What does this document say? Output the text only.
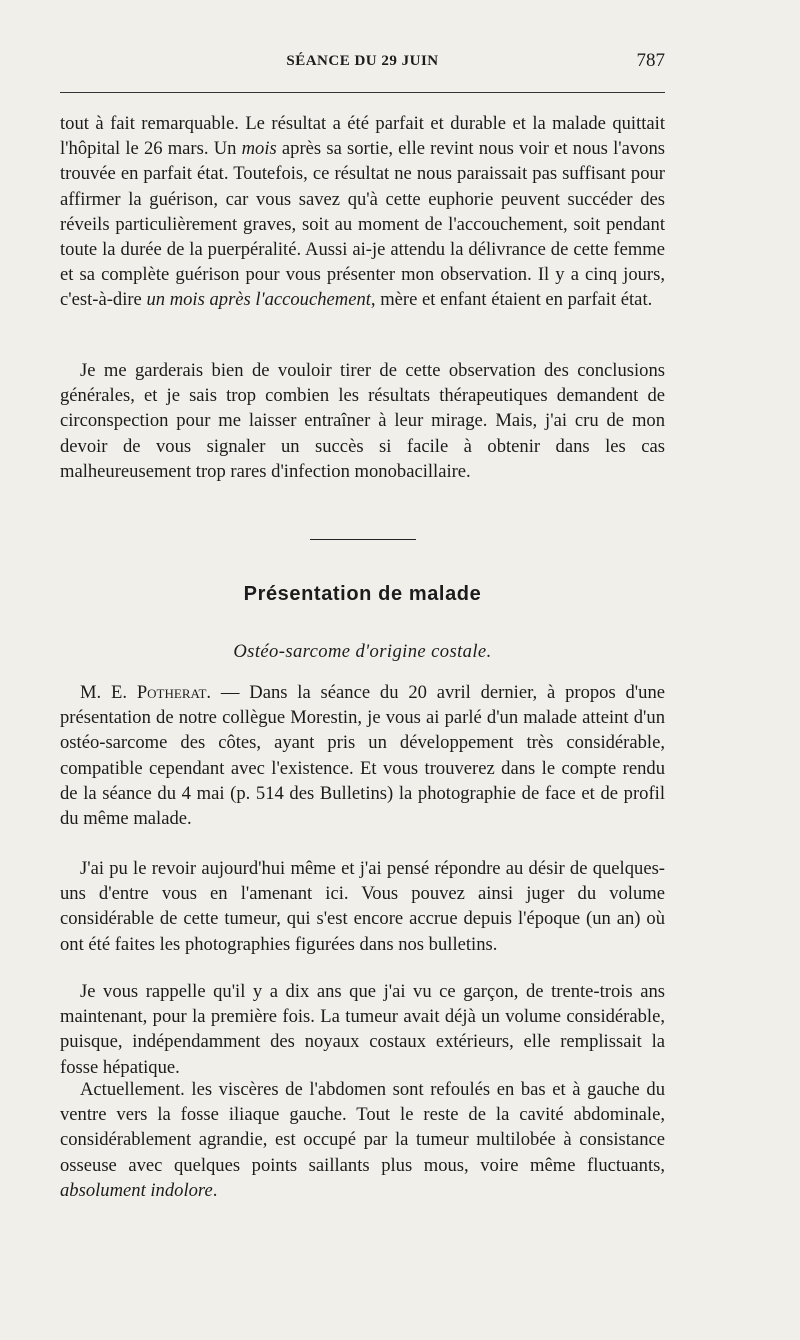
SÉANCE DU 29 JUIN	787

tout à fait remarquable. Le résultat a été parfait et durable et la malade quittait l'hôpital le 26 mars. Un mois après sa sortie, elle revint nous voir et nous l'avons trouvée en parfait état. Toutefois, ce résultat ne nous paraissait pas suffisant pour affirmer la guérison, car vous savez qu'à cette euphorie peuvent succéder des réveils particulièrement graves, soit au moment de l'accouchement, soit pendant toute la durée de la puerpéralité. Aussi ai-je attendu la délivrance de cette femme et sa complète guérison pour vous présenter mon observation. Il y a cinq jours, c'est-à-dire un mois après l'accouchement, mère et enfant étaient en parfait état.

Je me garderais bien de vouloir tirer de cette observation des conclusions générales, et je sais trop combien les résultats thérapeutiques demandent de circonspection pour me laisser entraîner à leur mirage. Mais, j'ai cru de mon devoir de vous signaler un succès si facile à obtenir dans les cas malheureusement trop rares d'infection monobacillaire.

Présentation de malade
Ostéo-sarcome d'origine costale.

M. E. Potherat. — Dans la séance du 20 avril dernier, à propos d'une présentation de notre collègue Morestin, je vous ai parlé d'un malade atteint d'un ostéo-sarcome des côtes, ayant pris un développement très considérable, compatible cependant avec l'existence. Et vous trouverez dans le compte rendu de la séance du 4 mai (p. 514 des Bulletins) la photographie de face et de profil du même malade.

J'ai pu le revoir aujourd'hui même et j'ai pensé répondre au désir de quelques-uns d'entre vous en l'amenant ici. Vous pouvez ainsi juger du volume considérable de cette tumeur, qui s'est encore accrue depuis l'époque (un an) où ont été faites les photographies figurées dans nos bulletins.

Je vous rappelle qu'il y a dix ans que j'ai vu ce garçon, de trente-trois ans maintenant, pour la première fois. La tumeur avait déjà un volume considérable, puisque, indépendamment des noyaux costaux extérieurs, elle remplissait la fosse hépatique.

Actuellement. les viscères de l'abdomen sont refoulés en bas et à gauche du ventre vers la fosse iliaque gauche. Tout le reste de la cavité abdominale, considérablement agrandie, est occupé par la tumeur multilobée à consistance osseuse avec quelques points saillants plus mous, voire même fluctuants, absolument indolore.
